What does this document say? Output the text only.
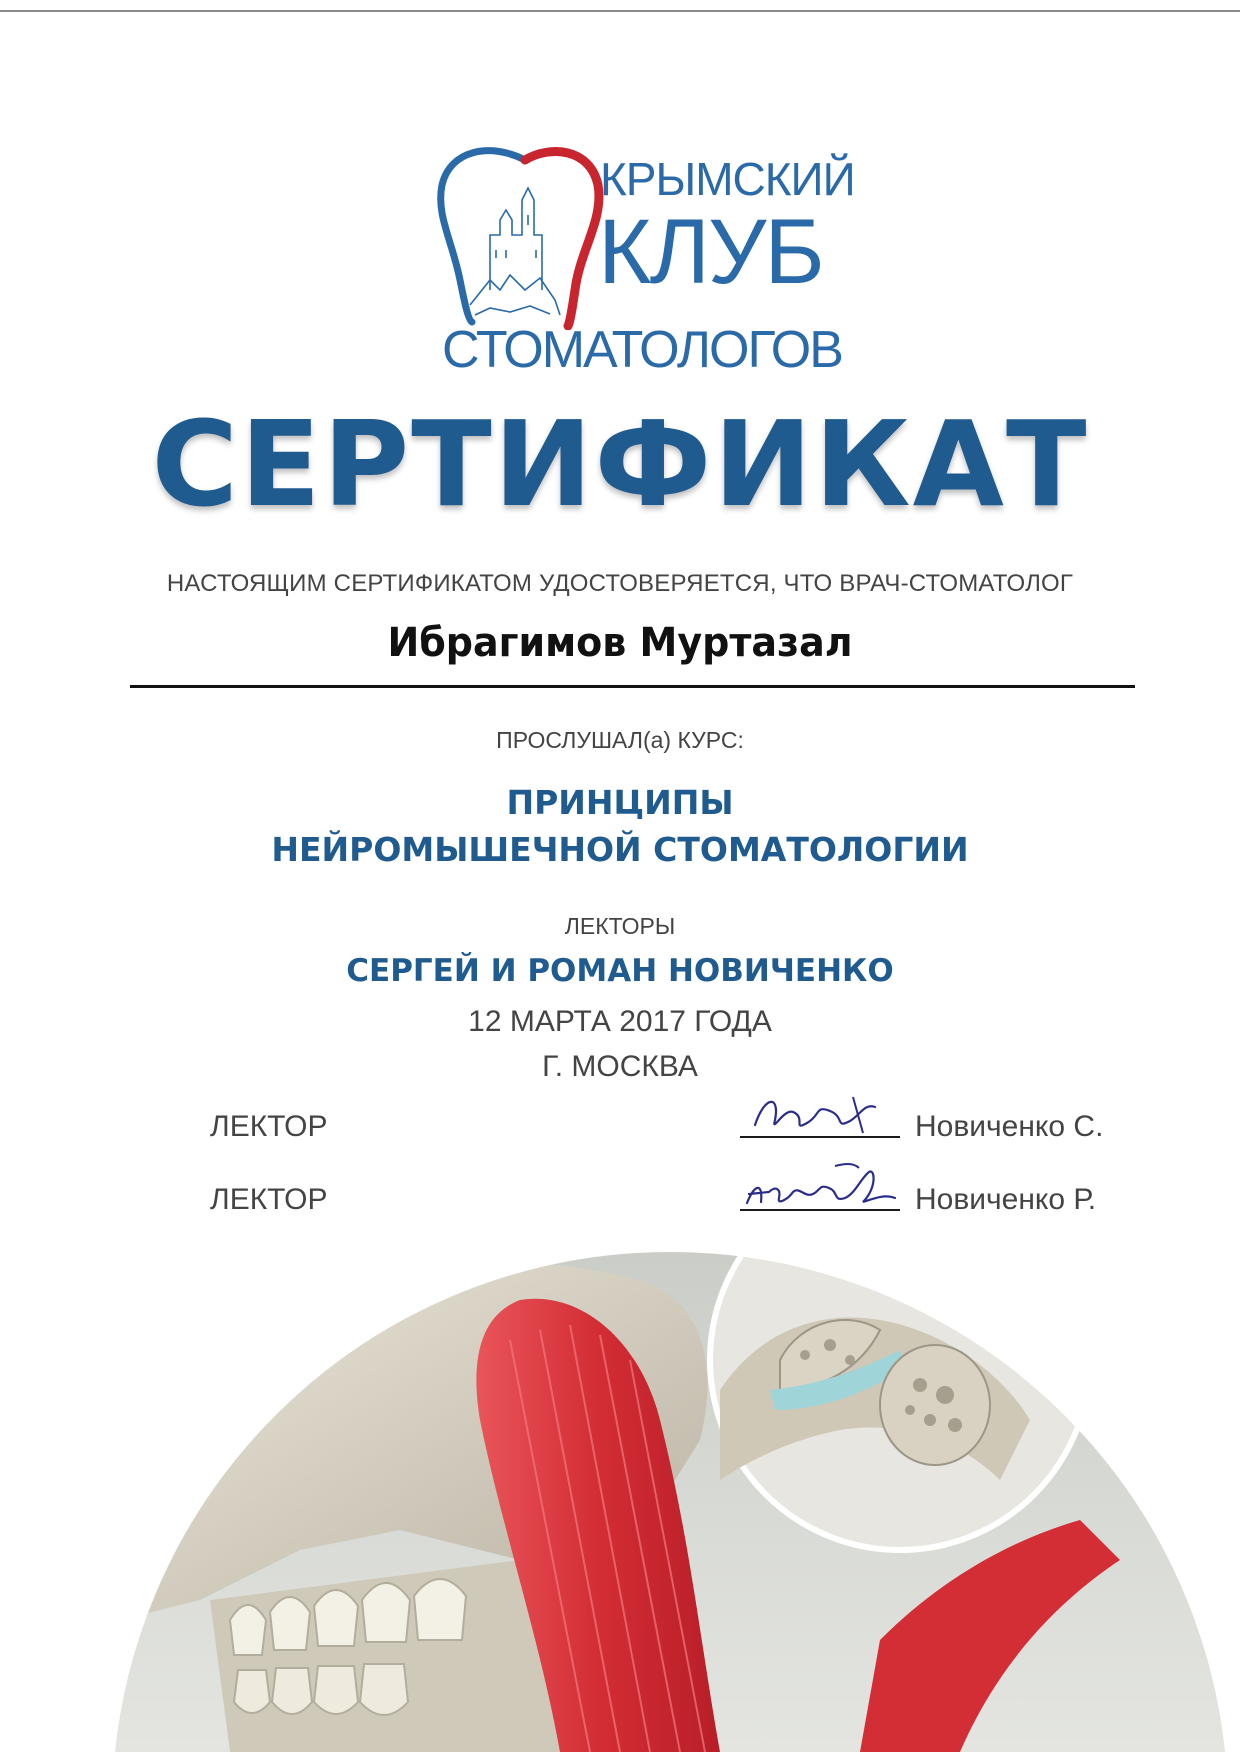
КРЫМСКИЙ
КЛУБ
СТОМАТОЛОГОВ
СЕРТИФИКАТ
НАСТОЯЩИМ СЕРТИФИКАТОМ УДОСТОВЕРЯЕТСЯ, ЧТО ВРАЧ-СТОМАТОЛОГ
Ибрагимов Муртазал
ПРОСЛУШАЛ(а) КУРС:
ПРИНЦИПЫ
НЕЙРОМЫШЕЧНОЙ СТОМАТОЛОГИИ
ЛЕКТОРЫ
СЕРГЕЙ И РОМАН НОВИЧЕНКО
12 МАРТА 2017 ГОДА
Г. МОСКВА
ЛЕКТОР	Новиченко С.
ЛЕКТОР	Новиченко Р.
